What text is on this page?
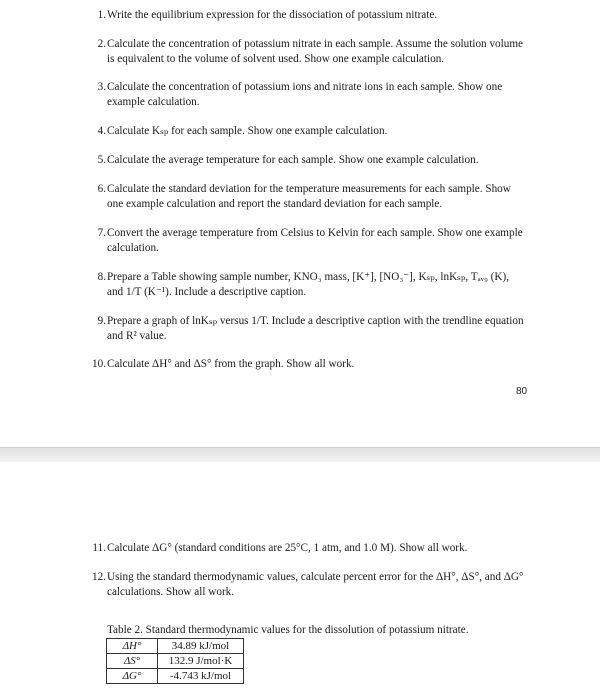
1. Write the equilibrium expression for the dissociation of potassium nitrate.
2. Calculate the concentration of potassium nitrate in each sample. Assume the solution volume is equivalent to the volume of solvent used. Show one example calculation.
3. Calculate the concentration of potassium ions and nitrate ions in each sample. Show one example calculation.
4. Calculate Kₛₚ for each sample. Show one example calculation.
5. Calculate the average temperature for each sample. Show one example calculation.
6. Calculate the standard deviation for the temperature measurements for each sample. Show one example calculation and report the standard deviation for each sample.
7. Convert the average temperature from Celsius to Kelvin for each sample. Show one example calculation.
8. Prepare a Table showing sample number, KNO₃ mass, [K⁺], [NO₃⁻], Kₛₚ, lnKₛₚ, Tₐᵥ₉ (K), and 1/T (K⁻¹). Include a descriptive caption.
9. Prepare a graph of lnKₛₚ versus 1/T. Include a descriptive caption with the trendline equation and R² value.
10. Calculate ΔH° and ΔS° from the graph. Show all work.
80
11. Calculate ΔG° (standard conditions are 25°C, 1 atm, and 1.0 M). Show all work.
12. Using the standard thermodynamic values, calculate percent error for the ΔH°, ΔS°, and ΔG° calculations. Show all work.
Table 2. Standard thermodynamic values for the dissolution of potassium nitrate.
ΔH°	34.89 kJ/mol
ΔS°	132.9 J/mol·K
ΔG°	-4.743 kJ/mol
